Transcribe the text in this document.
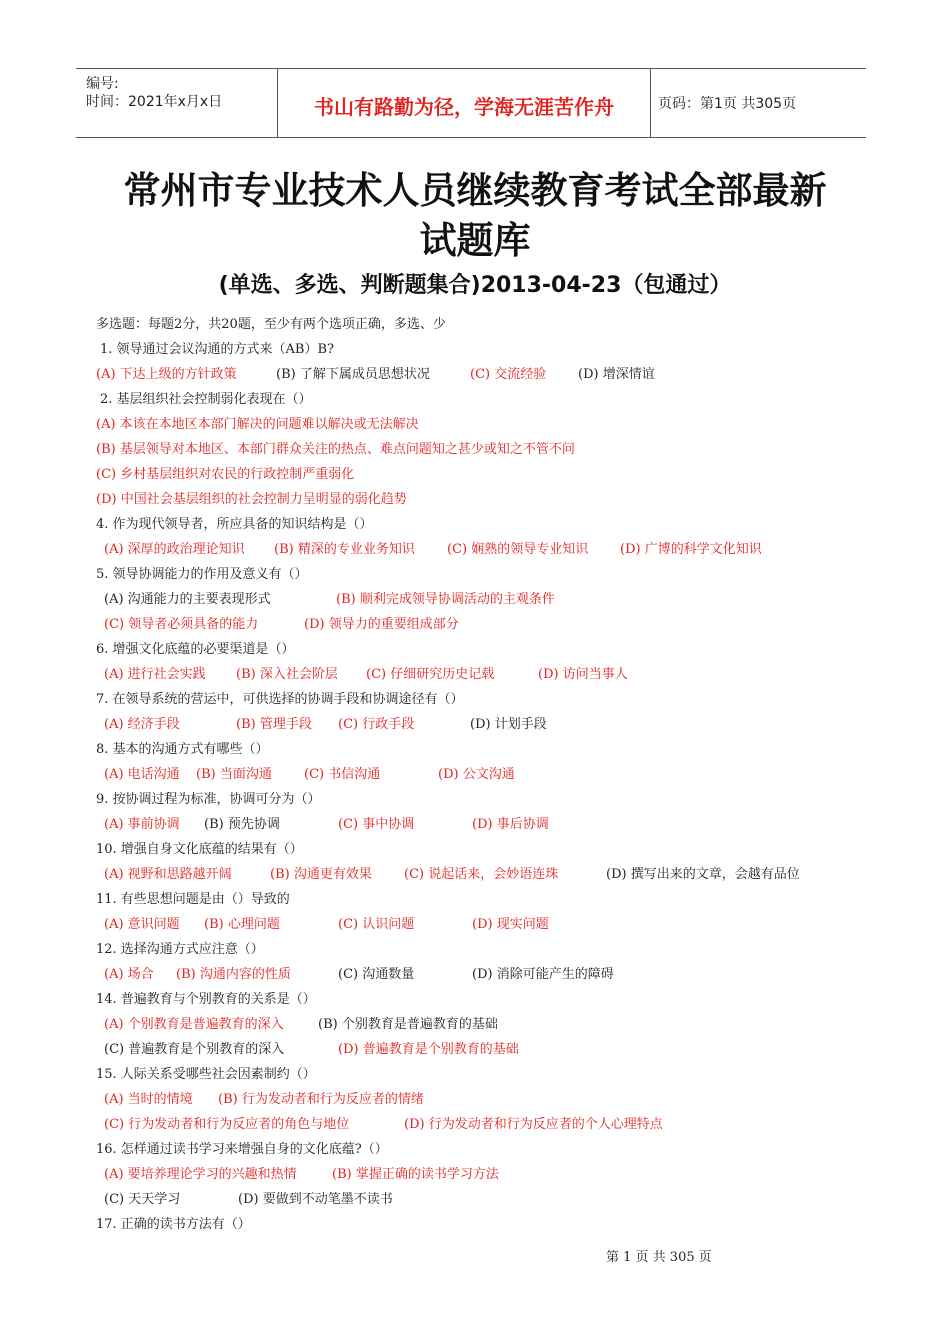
编号:
时间：2021年x月x日	书山有路勤为径，学海无涯苦作舟	页码：第1页 共305页
常州市专业技术人员继续教育考试全部最新
试题库
(单选、多选、判断题集合)2013-04-23（包通过）
多选题：每题2分，共20题，至少有两个选项正确，多选、少
1. 领导通过会议沟通的方式来（AB）B?
(A) 下达上级的方针政策	(B) 了解下属成员思想状况	(C) 交流经验 (D) 增深情谊
2. 基层组织社会控制弱化表现在（）
(A) 本该在本地区本部门解决的问题难以解决或无法解决
(B) 基层领导对本地区、本部门群众关注的热点、难点问题知之甚少或知之不管不问
(C) 乡村基层组织对农民的行政控制严重弱化
(D) 中国社会基层组织的社会控制力呈明显的弱化趋势
4. 作为现代领导者，所应具备的知识结构是（）
(A) 深厚的政治理论知识 (B) 精深的专业业务知识 (C) 娴熟的领导专业知识 (D) 广博的科学文化知识
5. 领导协调能力的作用及意义有（）
(A) 沟通能力的主要表现形式	(B) 顺利完成领导协调活动的主观条件
(C) 领导者必须具备的能力	(D) 领导力的重要组成部分
6. 增强文化底蕴的必要渠道是（）
(A) 进行社会实践 (B) 深入社会阶层 (C) 仔细研究历史记载	(D) 访问当事人
7. 在领导系统的营运中，可供选择的协调手段和协调途径有（）
(A) 经济手段	(B) 管理手段 (C) 行政手段	(D) 计划手段
8. 基本的沟通方式有哪些（）
(A) 电话沟通 (B) 当面沟通 (C) 书信沟通	(D) 公文沟通
9. 按协调过程为标准，协调可分为（）
(A) 事前协调 (B) 预先协调	(C) 事中协调	(D) 事后协调
10. 增强自身文化底蕴的结果有（）
(A) 视野和思路越开阔	(B) 沟通更有效果 (C) 说起话来，会妙语连珠	(D) 撰写出来的文章，会越有品位
11. 有些思想问题是由（）导致的
(A) 意识问题 (B) 心理问题	(C) 认识问题	(D) 现实问题
12. 选择沟通方式应注意（）
(A) 场合 (B) 沟通内容的性质	(C) 沟通数量	(D) 消除可能产生的障碍
14. 普遍教育与个别教育的关系是（）
(A) 个别教育是普遍教育的深入	(B) 个别教育是普遍教育的基础
(C) 普遍教育是个别教育的深入	(D) 普遍教育是个别教育的基础
15. 人际关系受哪些社会因素制约（）
(A) 当时的情境 (B) 行为发动者和行为反应者的情绪
(C) 行为发动者和行为反应者的角色与地位	(D) 行为发动者和行为反应者的个人心理特点
16. 怎样通过读书学习来增强自身的文化底蕴?（）
(A) 要培养理论学习的兴趣和热情	(B) 掌握正确的读书学习方法
(C) 天天学习	(D) 要做到不动笔墨不读书
17. 正确的读书方法有（）
第 1 页 共 305 页
